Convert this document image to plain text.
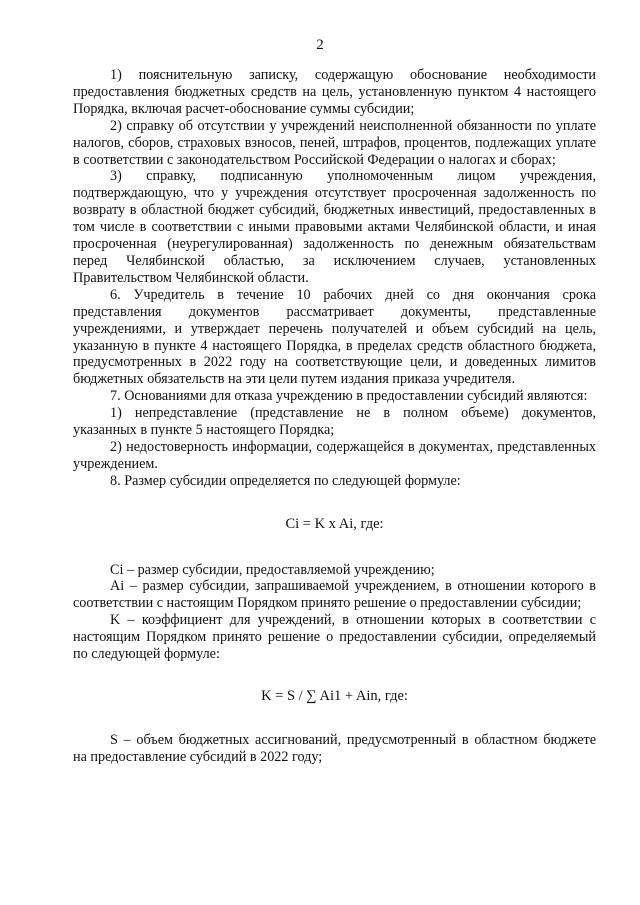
2

1) пояснительную записку, содержащую обоснование необходимости предоставления бюджетных средств на цель, установленную пунктом 4 настоящего Порядка, включая расчет-обоснование суммы субсидии;

2) справку об отсутствии у учреждений неисполненной обязанности по уплате налогов, сборов, страховых взносов, пеней, штрафов, процентов, подлежащих уплате в соответствии с законодательством Российской Федерации о налогах и сборах;

3) справку, подписанную уполномоченным лицом учреждения, подтверждающую, что у учреждения отсутствует просроченная задолженность по возврату в областной бюджет субсидий, бюджетных инвестиций, предоставленных в том числе в соответствии с иными правовыми актами Челябинской области, и иная просроченная (неурегулированная) задолженность по денежным обязательствам перед Челябинской областью, за исключением случаев, установленных Правительством Челябинской области.

6. Учредитель в течение 10 рабочих дней со дня окончания срока представления документов рассматривает документы, представленные учреждениями, и утверждает перечень получателей и объем субсидий на цель, указанную в пункте 4 настоящего Порядка, в пределах средств областного бюджета, предусмотренных в 2022 году на соответствующие цели, и доведенных лимитов бюджетных обязательств на эти цели путем издания приказа учредителя.

7. Основаниями для отказа учреждению в предоставлении субсидий являются:

1) непредставление (представление не в полном объеме) документов, указанных в пункте 5 настоящего Порядка;

2) недостоверность информации, содержащейся в документах, представленных учреждением.

8. Размер субсидии определяется по следующей формуле:

Ci = K x Ai, где:

Ci – размер субсидии, предоставляемой учреждению;

Ai – размер субсидии, запрашиваемой учреждением, в отношении которого в соответствии с настоящим Порядком принято решение о предоставлении субсидии;

K – коэффициент для учреждений, в отношении которых в соответствии с настоящим Порядком принято решение о предоставлении субсидии, определяемый по следующей формуле:

K = S / ∑ Ai1 + Ain, где:

S – объем бюджетных ассигнований, предусмотренный в областном бюджете на предоставление субсидий в 2022 году;
